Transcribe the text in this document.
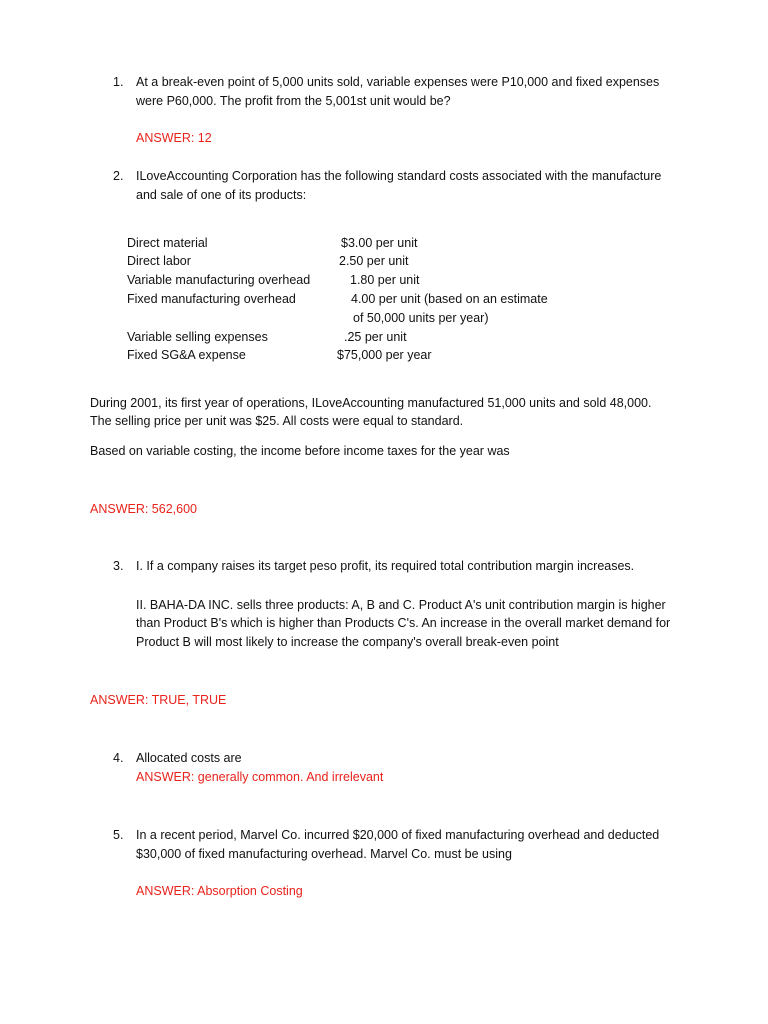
1. At a break-even point of 5,000 units sold, variable expenses were P10,000 and fixed expenses
were P60,000. The profit from the 5,001st unit would be?
ANSWER: 12
2. ILoveAccounting Corporation has the following standard costs associated with the manufacture
and sale of one of its products:
Direct material	$3.00 per unit
Direct labor	2.50 per unit
Variable manufacturing overhead	1.80 per unit
Fixed manufacturing overhead	4.00 per unit (based on an estimate
of 50,000 units per year)
Variable selling expenses	.25 per unit
Fixed SG&A expense	$75,000 per year
During 2001, its first year of operations, ILoveAccounting manufactured 51,000 units and sold 48,000.
The selling price per unit was $25. All costs were equal to standard.
Based on variable costing, the income before income taxes for the year was
ANSWER: 562,600
3. I. If a company raises its target peso profit, its required total contribution margin increases.
II. BAHA-DA INC. sells three products: A, B and C. Product A's unit contribution margin is higher
than Product B's which is higher than Products C's. An increase in the overall market demand for
Product B will most likely to increase the company's overall break-even point
ANSWER: TRUE, TRUE
4. Allocated costs are
ANSWER: generally common. And irrelevant
5. In a recent period, Marvel Co. incurred $20,000 of fixed manufacturing overhead and deducted
$30,000 of fixed manufacturing overhead. Marvel Co. must be using
ANSWER: Absorption Costing
